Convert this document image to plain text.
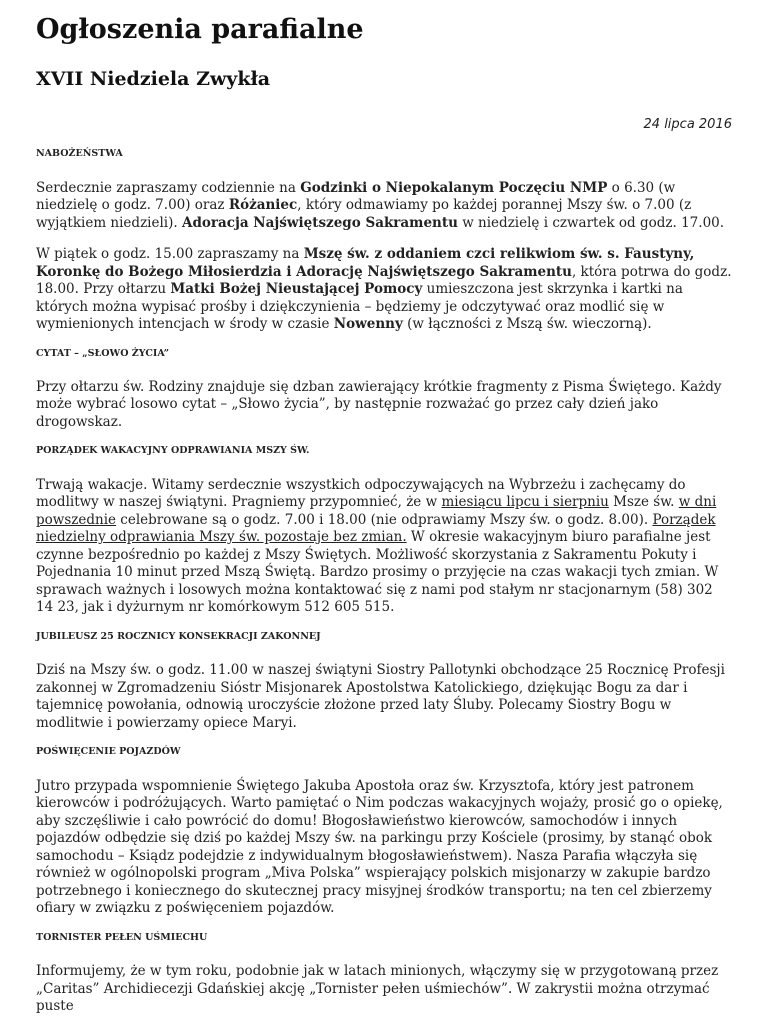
Ogłoszenia parafialne
XVII Niedziela Zwykła
24 lipca 2016
NABOŻEŃSTWA

Serdecznie zapraszamy codziennie na Godzinki o Niepokalanym Poczęciu NMP o 6.30 (w niedzielę o godz. 7.00) oraz Różaniec, który odmawiamy po każdej porannej Mszy św. o 7.00 (z wyjątkiem niedzieli). Adoracja Najświętszego Sakramentu w niedzielę i czwartek od godz. 17.00.

W piątek o godz. 15.00 zapraszamy na Mszę św. z oddaniem czci relikwiom św. s. Faustyny, Koronkę do Bożego Miłosierdzia i Adorację Najświętszego Sakramentu, która potrwa do godz. 18.00. Przy ołtarzu Matki Bożej Nieustającej Pomocy umieszczona jest skrzynka i kartki na których można wypisać prośby i dziękczynienia – będziemy je odczytywać oraz modlić się w wymienionych intencjach w środy w czasie Nowenny (w łączności z Mszą św. wieczorną).

CYTAT – „SŁOWO ŻYCIA”

Przy ołtarzu św. Rodziny znajduje się dzban zawierający krótkie fragmenty z Pisma Świętego. Każdy może wybrać losowo cytat – „Słowo życia”, by następnie rozważać go przez cały dzień jako drogowskaz.

PORZĄDEK WAKACYJNY ODPRAWIANIA MSZY ŚW.

Trwają wakacje. Witamy serdecznie wszystkich odpoczywających na Wybrzeżu i zachęcamy do modlitwy w naszej świątyni. Pragniemy przypomnieć, że w miesiącu lipcu i sierpniu Msze św. w dni powszednie celebrowane są o godz. 7.00 i 18.00 (nie odprawiamy Mszy św. o godz. 8.00). Porządek niedzielny odprawiania Mszy św. pozostaje bez zmian. W okresie wakacyjnym biuro parafialne jest czynne bezpośrednio po każdej z Mszy Świętych. Możliwość skorzystania z Sakramentu Pokuty i Pojednania 10 minut przed Mszą Świętą. Bardzo prosimy o przyjęcie na czas wakacji tych zmian. W sprawach ważnych i losowych można kontaktować się z nami pod stałym nr stacjonarnym (58) 302 14 23, jak i dyżurnym nr komórkowym 512 605 515.

JUBILEUSZ 25 ROCZNICY KONSEKRACJI ZAKONNEJ

Dziś na Mszy św. o godz. 11.00 w naszej świątyni Siostry Pallotynki obchodzące 25 Rocznicę Profesji zakonnej w Zgromadzeniu Sióstr Misjonarek Apostolstwa Katolickiego, dziękując Bogu za dar i tajemnicę powołania, odnowią uroczyście złożone przed laty Śluby. Polecamy Siostry Bogu w modlitwie i powierzamy opiece Maryi.

POŚWIĘCENIE POJAZDÓW

Jutro przypada wspomnienie Świętego Jakuba Apostoła oraz św. Krzysztofa, który jest patronem kierowców i podróżujących. Warto pamiętać o Nim podczas wakacyjnych wojaży, prosić go o opiekę, aby szczęśliwie i cało powrócić do domu! Błogosławieństwo kierowców, samochodów i innych pojazdów odbędzie się dziś po każdej Mszy św. na parkingu przy Kościele (prosimy, by stanąć obok samochodu – Ksiądz podejdzie z indywidualnym błogosławieństwem). Nasza Parafia włączyła się również w ogólnopolski program „Miva Polska” wspierający polskich misjonarzy w zakupie bardzo potrzebnego i koniecznego do skutecznej pracy misyjnej środków transportu; na ten cel zbierzemy ofiary w związku z poświęceniem pojazdów.

TORNISTER PEŁEN UŚMIECHU

Informujemy, że w tym roku, podobnie jak w latach minionych, włączymy się w przygotowaną przez „Caritas” Archidiecezji Gdańskiej akcję „Tornister pełen uśmiechów”. W zakrystii można otrzymać puste
